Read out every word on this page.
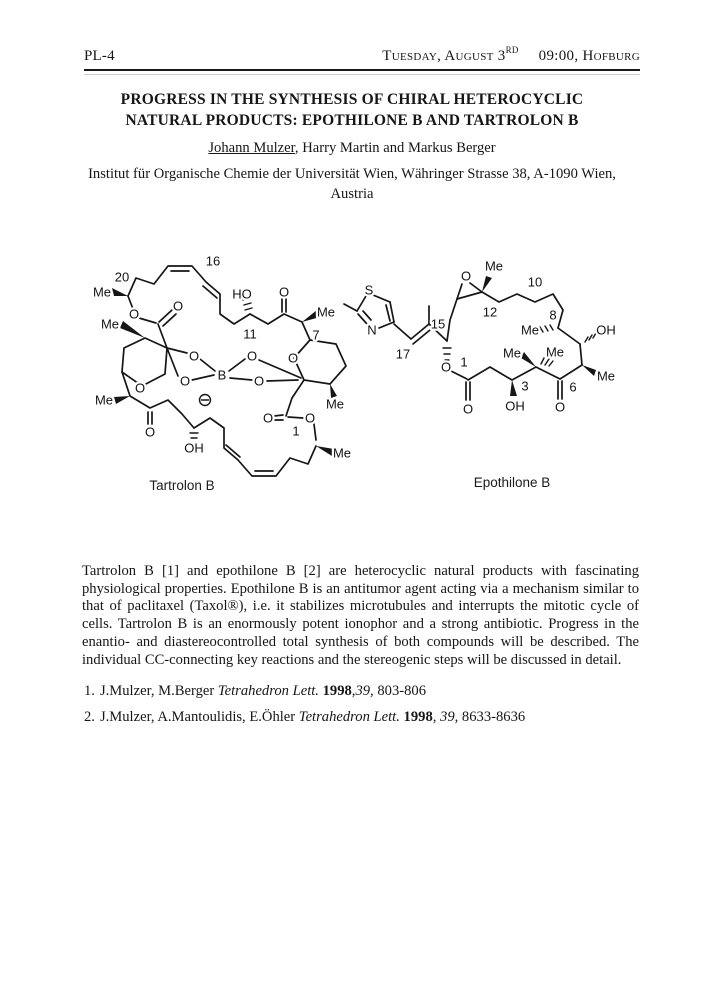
PL-4	Tuesday, August 3RD 09:00, Hofburg
PROGRESS IN THE SYNTHESIS OF CHIRAL HETEROCYCLIC
NATURAL PRODUCTS: EPOTHILONE B AND TARTROLON B
Johann Mulzer, Harry Martin and Markus Berger
Institut für Organische Chemie der Universität Wien, Währinger Strasse 38, A-1090 Wien,
Austria
Me
20
O
O
Me
16
HO
11
O
Me
7
O
O
O B
O
O
O
Me
O
1
O
Me
OH
O
Me
Tartrolon B
S
N
17
15
O 1
O
3
OH
Me Me
O
6
Me
OH
Me
8
10
Me
O
12
Epothilone B

Tartrolon B [1] and epothilone B [2] are heterocyclic natural products with fascinating physiological properties. Epothilone B is an antitumor agent acting via a mechanism similar to that of paclitaxel (Taxol®), i.e. it stabilizes microtubules and interrupts the mitotic cycle of cells. Tartrolon B is an enormously potent ionophor and a strong antibiotic. Progress in the enantio- and diastereocontrolled total synthesis of both compounds will be described. The individual CC-connecting key reactions and the stereogenic steps will be discussed in detail.

1. J.Mulzer, M.Berger Tetrahedron Lett. 1998,39, 803-806
2. J.Mulzer, A.Mantoulidis, E.Öhler Tetrahedron Lett. 1998, 39, 8633-8636
